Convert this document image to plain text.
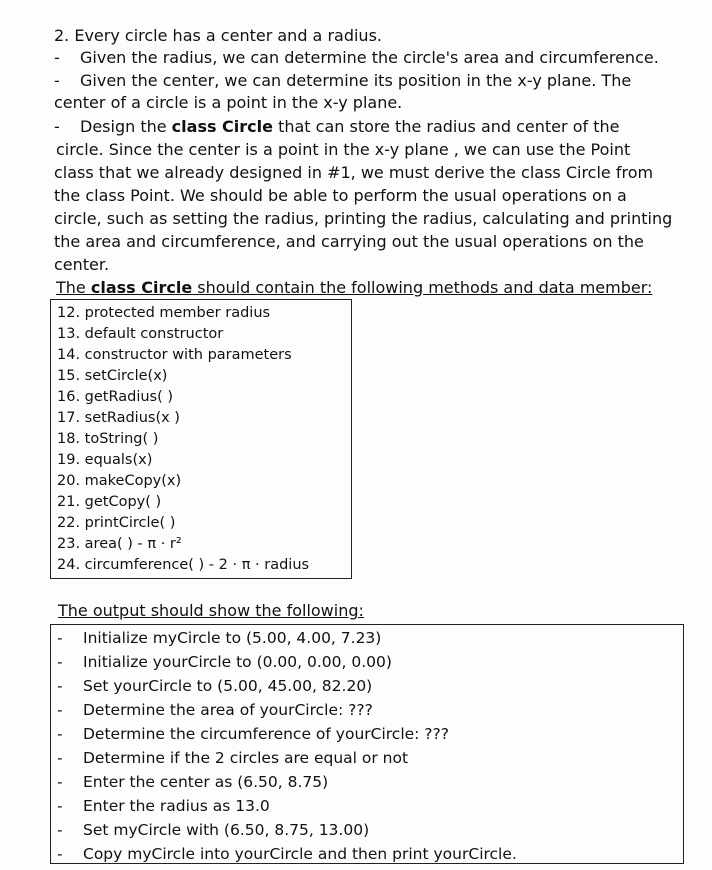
2. Every circle has a center and a radius.
- Given the radius, we can determine the circle's area and circumference.
- Given the center, we can determine its position in the x-y plane. The
center of a circle is a point in the x-y plane.
- Design the class Circle that can store the radius and center of the
circle. Since the center is a point in the x-y plane , we can use the Point
class that we already designed in #1, we must derive the class Circle from
the class Point. We should be able to perform the usual operations on a
circle, such as setting the radius, printing the radius, calculating and printing
the area and circumference, and carrying out the usual operations on the
center.
The class Circle should contain the following methods and data member:
12. protected member radius
13. default constructor
14. constructor with parameters
15. setCircle(x)
16. getRadius( )
17. setRadius(x )
18. toString( )
19. equals(x)
20. makeCopy(x)
21. getCopy( )
22. printCircle( )
23. area( ) - π · r²
24. circumference( ) - 2 · π · radius
The output should show the following:
- Initialize myCircle to (5.00, 4.00, 7.23)
- Initialize yourCircle to (0.00, 0.00, 0.00)
- Set yourCircle to (5.00, 45.00, 82.20)
- Determine the area of yourCircle: ???
- Determine the circumference of yourCircle: ???
- Determine if the 2 circles are equal or not
- Enter the center as (6.50, 8.75)
- Enter the radius as 13.0
- Set myCircle with (6.50, 8.75, 13.00)
- Copy myCircle into yourCircle and then print yourCircle.
